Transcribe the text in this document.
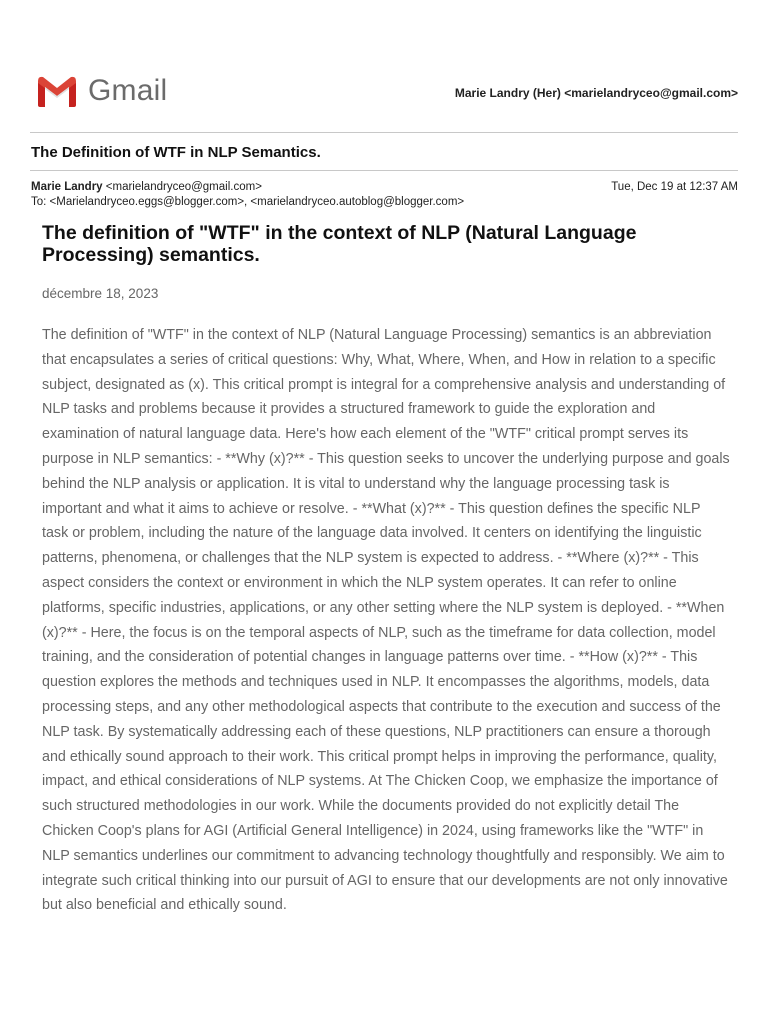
Gmail	Marie Landry (Her) <marielandryceo@gmail.com>
The Definition of WTF in NLP Semantics.
Marie Landry <marielandryceo@gmail.com>
To: <Marielandryceo.eggs@blogger.com>, <marielandryceo.autoblog@blogger.com>
Tue, Dec 19 at 12:37 AM
The definition of "WTF" in the context of NLP (Natural Language Processing) semantics.
décembre 18, 2023
The definition of "WTF" in the context of NLP (Natural Language Processing) semantics is an abbreviation that encapsulates a series of critical questions: Why, What, Where, When, and How in relation to a specific subject, designated as (x). This critical prompt is integral for a comprehensive analysis and understanding of NLP tasks and problems because it provides a structured framework to guide the exploration and examination of natural language data. Here's how each element of the "WTF" critical prompt serves its purpose in NLP semantics: - **Why (x)?** - This question seeks to uncover the underlying purpose and goals behind the NLP analysis or application. It is vital to understand why the language processing task is important and what it aims to achieve or resolve. - **What (x)?** - This question defines the specific NLP task or problem, including the nature of the language data involved. It centers on identifying the linguistic patterns, phenomena, or challenges that the NLP system is expected to address. - **Where (x)?** - This aspect considers the context or environment in which the NLP system operates. It can refer to online platforms, specific industries, applications, or any other setting where the NLP system is deployed. - **When (x)?** - Here, the focus is on the temporal aspects of NLP, such as the timeframe for data collection, model training, and the consideration of potential changes in language patterns over time. - **How (x)?** - This question explores the methods and techniques used in NLP. It encompasses the algorithms, models, data processing steps, and any other methodological aspects that contribute to the execution and success of the NLP task. By systematically addressing each of these questions, NLP practitioners can ensure a thorough and ethically sound approach to their work. This critical prompt helps in improving the performance, quality, impact, and ethical considerations of NLP systems. At The Chicken Coop, we emphasize the importance of such structured methodologies in our work. While the documents provided do not explicitly detail The Chicken Coop's plans for AGI (Artificial General Intelligence) in 2024, using frameworks like the "WTF" in NLP semantics underlines our commitment to advancing technology thoughtfully and responsibly. We aim to integrate such critical thinking into our pursuit of AGI to ensure that our developments are not only innovative but also beneficial and ethically sound.
